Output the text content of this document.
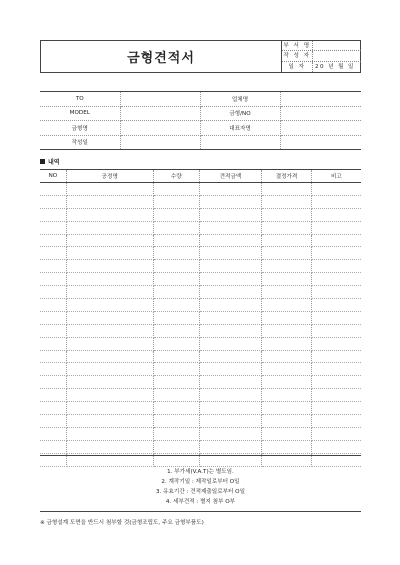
금형견적서
부 서 명
작 성 자
일 자	20 년 월 일
TO		업체명	
MODEL		금형/NO	
금형명		대표자명	
작성일			
내역
NO	공정명	수량	견적금액	결정가격	비고

1. 부가세(V.A.T)는 별도임.
2. 계작기일 : 제작일로부터 O일
3. 유효기간 : 견적제출일로부터 O일
4. 세부견적 : 별지 첨부 O부
※ 금형설계 도면을 반드시 첨부할 것(금형조립도, 주요 금형부품도)
